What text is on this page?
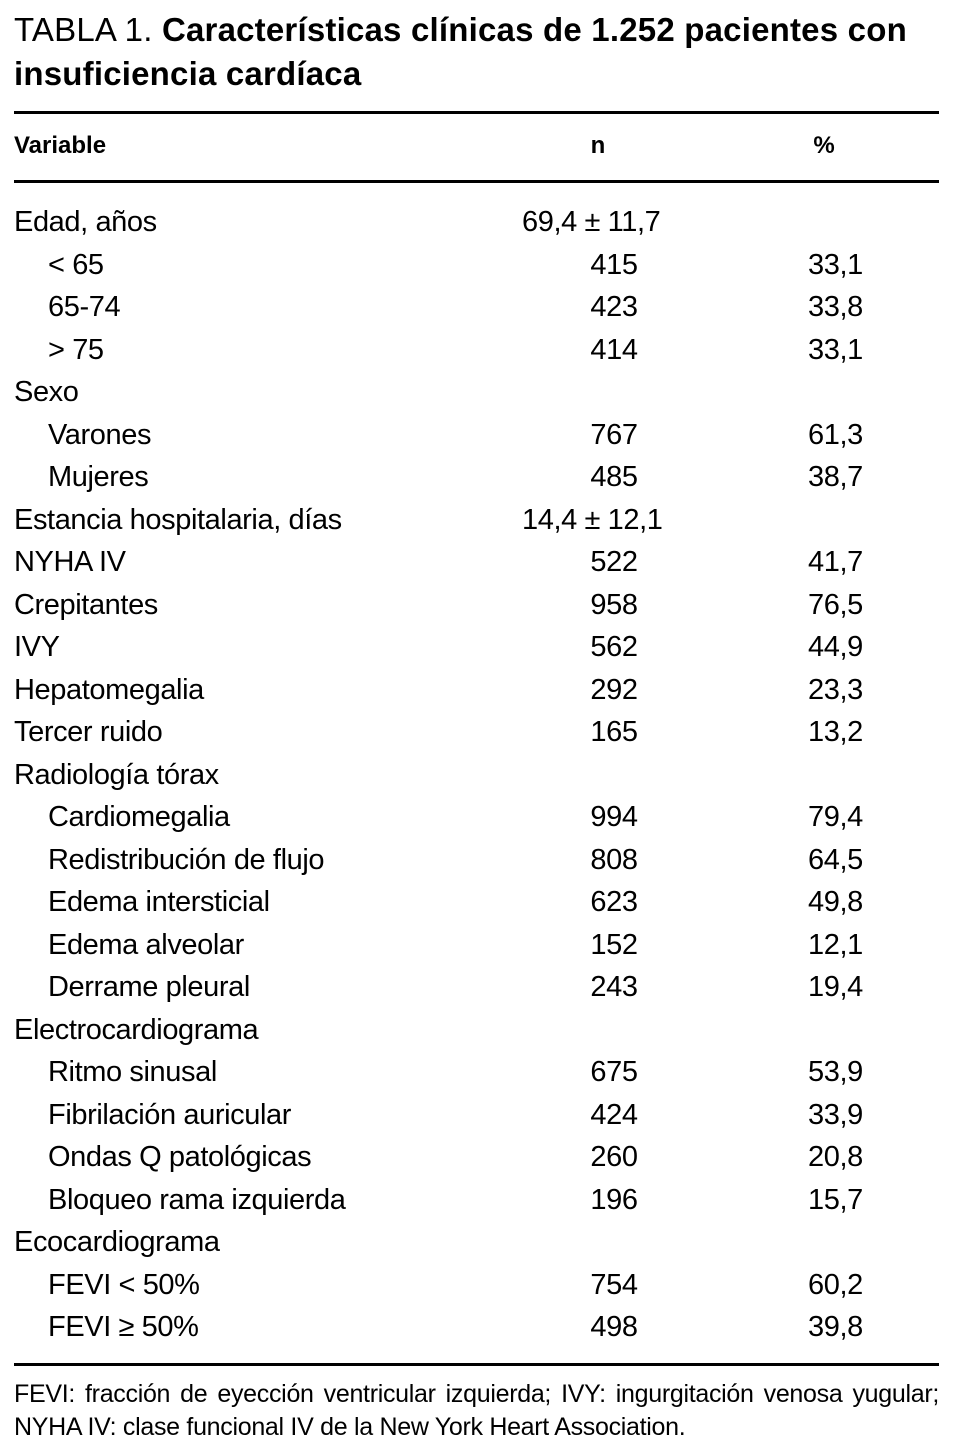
TABLA 1. Características clínicas de 1.252 pacientes con insuficiencia cardíaca
Variable	n	%
Edad, años	69,4 ± 11,7
< 65	415	33,1
65-74	423	33,8
> 75	414	33,1
Sexo
Varones	767	61,3
Mujeres	485	38,7
Estancia hospitalaria, días	14,4 ± 12,1
NYHA IV	522	41,7
Crepitantes	958	76,5
IVY	562	44,9
Hepatomegalia	292	23,3
Tercer ruido	165	13,2
Radiología tórax
Cardiomegalia	994	79,4
Redistribución de flujo	808	64,5
Edema intersticial	623	49,8
Edema alveolar	152	12,1
Derrame pleural	243	19,4
Electrocardiograma
Ritmo sinusal	675	53,9
Fibrilación auricular	424	33,9
Ondas Q patológicas	260	20,8
Bloqueo rama izquierda	196	15,7
Ecocardiograma
FEVI < 50%	754	60,2
FEVI ≥ 50%	498	39,8
FEVI: fracción de eyección ventricular izquierda; IVY: ingurgitación venosa yugular; NYHA IV: clase funcional IV de la New York Heart Association.
